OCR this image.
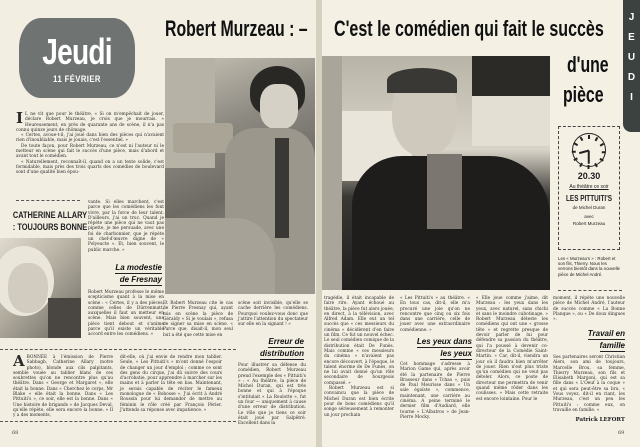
Jeudi
11 FÉVRIER
Robert Murzeau : –
I L ne vit que pour le théâtre. « Si on m'empêchait de jouer, déclare Robert Murzeau, je crois que je mourrais. » Heureusement, en près de quarante ans de scène, il n'a pas connu quinze jours de chômage.

« Certes, avoue-t-il, j'ai joué dans bien des pièces qui n'avaient rien d'inoubliable, mais je jouais, c'est l'essentiel. »

De toute façon, pour Robert Murzeau, ce n'est ni l'auteur ni le metteur en scène qui fait le succès d'une pièce, mais d'abord et avant tout le comédien.

« Naturellement, reconnaît-il, quand on a un texte solide, c'est formidable, mais près des trois quarts des comédies de boulevard sont d'une qualité bien épou-

vante. Si elles marchent, c'est parce que les comédiens les font vivre, par la force de leur talent. D'ailleurs, j'ai un truc. Quand je répète une pièce qui ne vaut pas pipette, je me persuade, avec une foi de charbonnier, que je répète un chef-d'œuvre digne de « Polyeucte ». Et, bien souvent, le public marche. »
CATHERINE ALLARY : TOUJOURS BONNE
La modestie
de Fresnay
Robert Murzeau professe le même scepticisme quant à la mise en scène : « Certes, il y a des pièces, comme celles de Dürrenmatt, auxquelles il faut un metteur en scène. Mais bien souvent, une pièce tient debout et s'anime parce qu'il existe un véritable accord entre les comédiens. »
Et Robert Murzeau cite le cas de Pierre Fresnay qui, ayant mis en scène la pièce de Géraldy « Si je voulais », refusa de signer sa mise en scène. « Parce que, disait-il, mon seul but a été que cette mise en
scène soit invisible, qu'elle se cache derrière les comédiens. Pourquoi voulez-vous donc que j'attire l'attention du spectateur sur elle en la signant ! »
Erreur de
distribution
Pour illustrer sa défense du comédien, Robert Murzeau prend l'exemple des « Pittuiti's » : « Au théâtre, la pièce de Michel Duran, qui est très bonne et qui à l'époque s'intitulait « La Roulotte », fut un four — uniquement à cause d'une erreur de distribution. Le rôle que je tiens ce soir était joué par Salpêtré. Excellent dans la
A BONNÉE à l'émission de Pierre Sabbagh, Catherine Allary (notre photo), blonde aux cils palpitants, semble vouée au tablier blanc de ces soubrettes qu'on ne rencontre plus qu'au théâtre. Dans « George et Margaret », elle était la bonne. Dans « Cherchez le corps, Mr Blake » elle était la bonne. Dans « Les Pittuiti's », ce soir, elle est la bonne. Dans « Une histoire de brigands » de Jacques Deval, qu'elle répète, elle sera encore la bonne. « Il y a des moments,
dit-elle, où j'ai envie de rendre mon tablier. Seule, « Les Pittuiti's » m'ont donné l'espoir de changer un jour d'emploi ; comme ce sont des gens du cirque, j'ai dû suivre des cours d'acrobatie, pour apprendre à marcher sur les mains et à parler la tête en bas. Maintenant, je serais capable de réciter le fameux monologue de « Bobosse ». J'ai écrit à André Roussin pour lui demander de mettre au féminin le rôle créé par François Périer. J'attends sa réponse avec impatience. »
68
C'est le comédien qui fait le succès
d'une
pièce
J
E
U
D
I
20.30
Au théâtre ce soir
LES PITTUITI'S
de Michel Duran
avec
Robert Murzeau
Les « Murzeau's » : Robert et son fils, Thierry. Nous les verrons bientôt dans la nouvelle pièce de Michel André.

tragédie, il était incapable de faire rire. Ayant échoué au théâtre, la pièce fut alors jouée, en direct, à la télévision, avec Alfred Adam. Elle eut un tel succès que « ces messieurs du cinéma » décidèrent d'en faire un film. Ce fut un nouvel échec. Le seul comédien comique de la distribution était De Funès. Mais comme « ces messieurs du cinéma » n'avaient pas encore découvert, à l'époque, le talent énorme de De Funès, on ne lui avait donné qu'un rôle secondaire de bourgeois compassé. »

Robert Murzeau est si convaincu que la pièce de Michel Duran est bien écrite pour de bons comédiens qu'il songe sérieusement à remonter un jour prochain

« Les Pittuiti's » au théâtre. « En tous cas, dit-il, elle m'a procuré une joie qu'on ne rencontre que cinq ou six fois dans une carrière, celle de jouer avec une extraordinaire comédienne. »
Les yeux dans
les yeux
Cet hommage s'adresse à Marion Game qui, après avoir été la partenaire de Pierre Brasseur dans « Tchao », puis de Paul Meurisse dans « Un sale égoïste », commence, maintenant, une carrière au cinéma. A peine terminé le dernier film d'Audiard, elle tourne « L'Albatros » de Jean-Pierre Mocky.
« Elle joue comme j'aime, dit Murzeau : les yeux dans les yeux, avec naturel, sans chichi et sans le moindre cabotinage. » Robert Murzeau déteste les comédiens qui ont une « grosse tête » et regrette presque de devoir parler de lui pour défendre sa passion du théâtre, qui l'a poussé à devenir co-directeur de la Comédie Saint-Martin. « Car, dit-il, viendra un jour où il faudra bien m'arrêter de jouer. Rien n'est plus triste qu'un comédien qui ne veut pas dételer. Alors, ce poste de directeur me permettra de venir quand même rôder dans les coulisses. » Mais cette retraite est encore lointaine. Pour le
moment, il répète une nouvelle pièce de Michel André, l'auteur de succès comme « La Bonne Planque », ou « De doux dingues ».
Travail en
famille
Ses partenaires seront Christian Alers, son ami de toujours, Marcelle Brou, sa femme, Thierry Murzeau, son fils et Elisabeth Margoni, qui est sa fille dans « L'Oeuf à la coque » et qui sera peut-être sa bru. « Vous voyez, dit-il en riant, les Murzeau, c'est un peu les Pittuiti's : comme eux, on travaille en famille. »
Patrick LEFORT
69
